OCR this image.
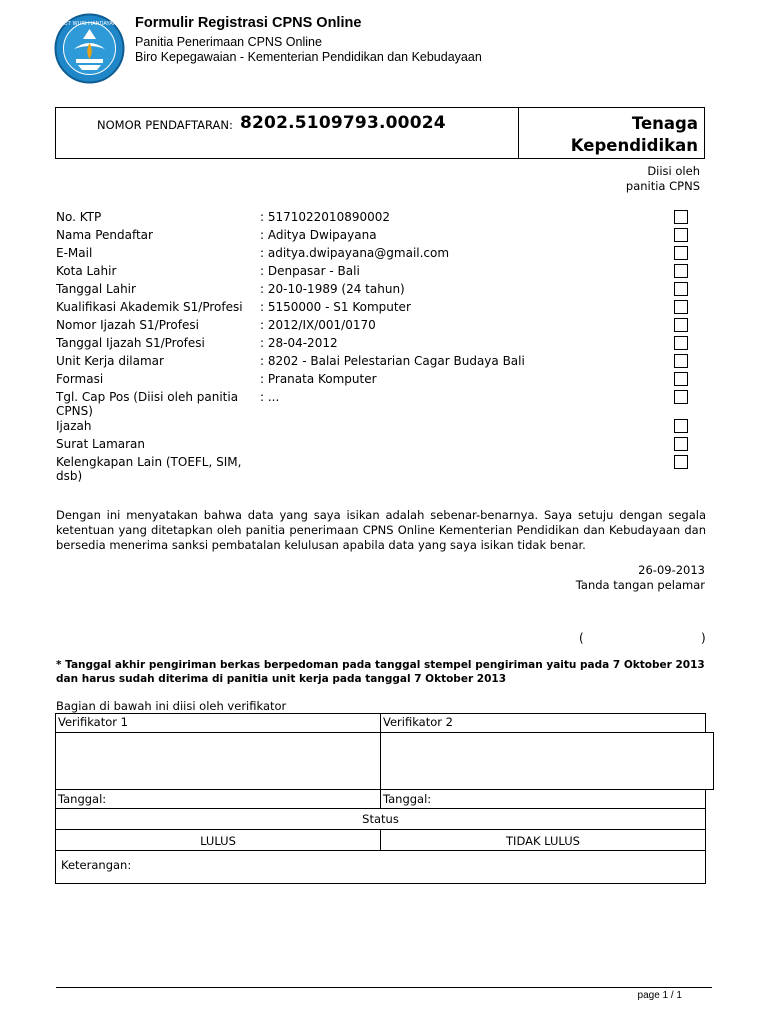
TUT WURI HANDAYANI Formulir Registrasi CPNS Online
Panitia Penerimaan CPNS Online
Biro Kepegawaian - Kementerian Pendidikan dan Kebudayaan
NOMOR PENDAFTARAN: 8202.5109793.00024	Tenaga
Kependidikan
Diisi oleh
panitia CPNS
No. KTP	: 5171022010890002
Nama Pendaftar	: Aditya Dwipayana
E-Mail	: aditya.dwipayana@gmail.com
Kota Lahir	: Denpasar - Bali
Tanggal Lahir	: 20-10-1989 (24 tahun)
Kualifikasi Akademik S1/Profesi	: 5150000 - S1 Komputer
Nomor Ijazah S1/Profesi	: 2012/IX/001/0170
Tanggal Ijazah S1/Profesi	: 28-04-2012
Unit Kerja dilamar	: 8202 - Balai Pelestarian Cagar Budaya Bali
Formasi	: Pranata Komputer
Tgl. Cap Pos (Diisi oleh panitia CPNS)
: ...
Ijazah
Surat Lamaran
Kelengkapan Lain (TOEFL, SIM, dsb)
Dengan ini menyatakan bahwa data yang saya isikan adalah sebenar-benarnya. Saya setuju dengan segala ketentuan yang ditetapkan oleh panitia penerimaan CPNS Online Kementerian Pendidikan dan Kebudayaan dan bersedia menerima sanksi pembatalan kelulusan apabila data yang saya isikan tidak benar.
26-09-2013
Tanda tangan pelamar
(	)
* Tanggal akhir pengiriman berkas berpedoman pada tanggal stempel pengiriman yaitu pada 7 Oktober 2013
dan harus sudah diterima di panitia unit kerja pada tanggal 7 Oktober 2013
Bagian di bawah ini diisi oleh verifikator
Verifikator 1	Verifikator 2
Tanggal:	Tanggal:
Status
LULUS	TIDAK LULUS
Keterangan:
page 1 / 1
